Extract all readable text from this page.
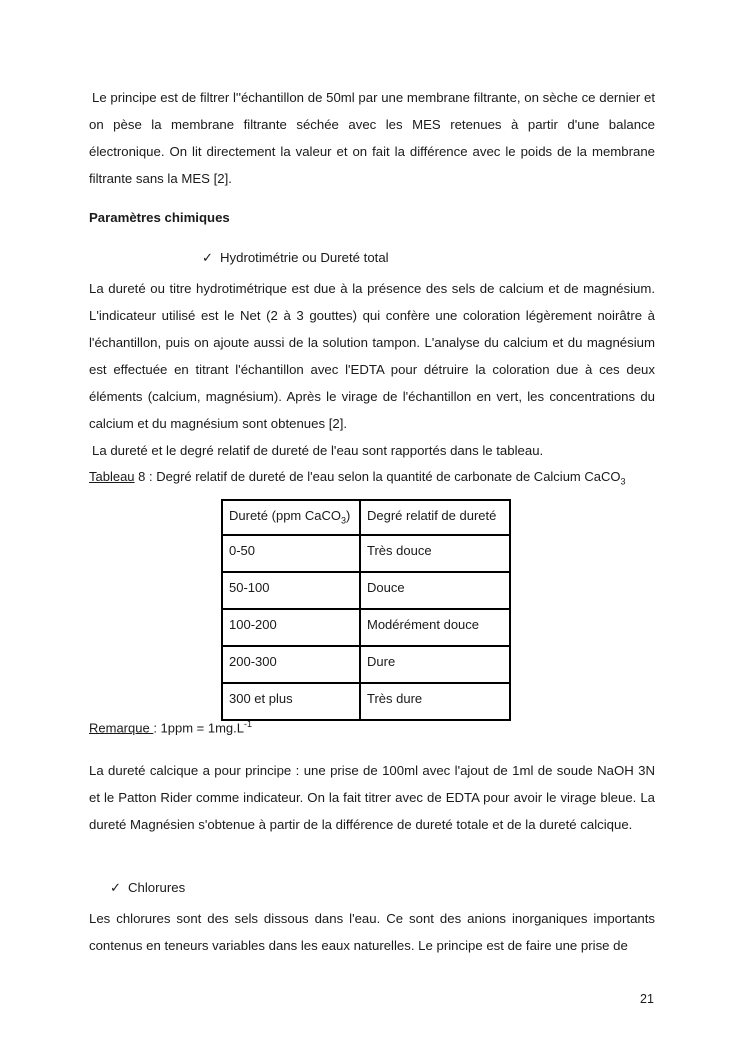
Le principe est de filtrer l''échantillon de 50ml par une membrane filtrante, on sèche ce dernier et on pèse la membrane filtrante séchée avec les MES retenues à partir d'une balance électronique. On lit directement la valeur et on fait la différence avec le poids de la membrane filtrante sans la MES [2].

Paramètres chimiques

✓ Hydrotimétrie ou Dureté total

La dureté ou titre hydrotimétrique est due à la présence des sels de calcium et de magnésium. L'indicateur utilisé est le Net (2 à 3 gouttes) qui confère une coloration légèrement noirâtre à l'échantillon, puis on ajoute aussi de la solution tampon. L'analyse du calcium et du magnésium est effectuée en titrant l'échantillon avec l'EDTA pour détruire la coloration due à ces deux éléments (calcium, magnésium). Après le virage de l'échantillon en vert, les concentrations du calcium et du magnésium sont obtenues [2].

La dureté et le degré relatif de dureté de l'eau sont rapportés dans le tableau.

Tableau 8 : Degré relatif de dureté de l'eau selon la quantité de carbonate de Calcium CaCO$_3$

Dureté (ppm CaCO$_3$)	Degré relatif de dureté
0-50	Très douce
50-100	Douce
100-200	Modérément douce
200-300	Dure
300 et plus	Très dure

Remarque : $1ppm = 1mg.L^{-1}$

La dureté calcique a pour principe : une prise de 100ml avec l'ajout de 1ml de soude NaOH 3N et le Patton Rider comme indicateur. On la fait titrer avec de EDTA pour avoir le virage bleue. La dureté Magnésien s'obtenue à partir de la différence de dureté totale et de la dureté calcique.

✓ Chlorures

Les chlorures sont des sels dissous dans l'eau. Ce sont des anions inorganiques importants contenus en teneurs variables dans les eaux naturelles. Le principe est de faire une prise de

21
